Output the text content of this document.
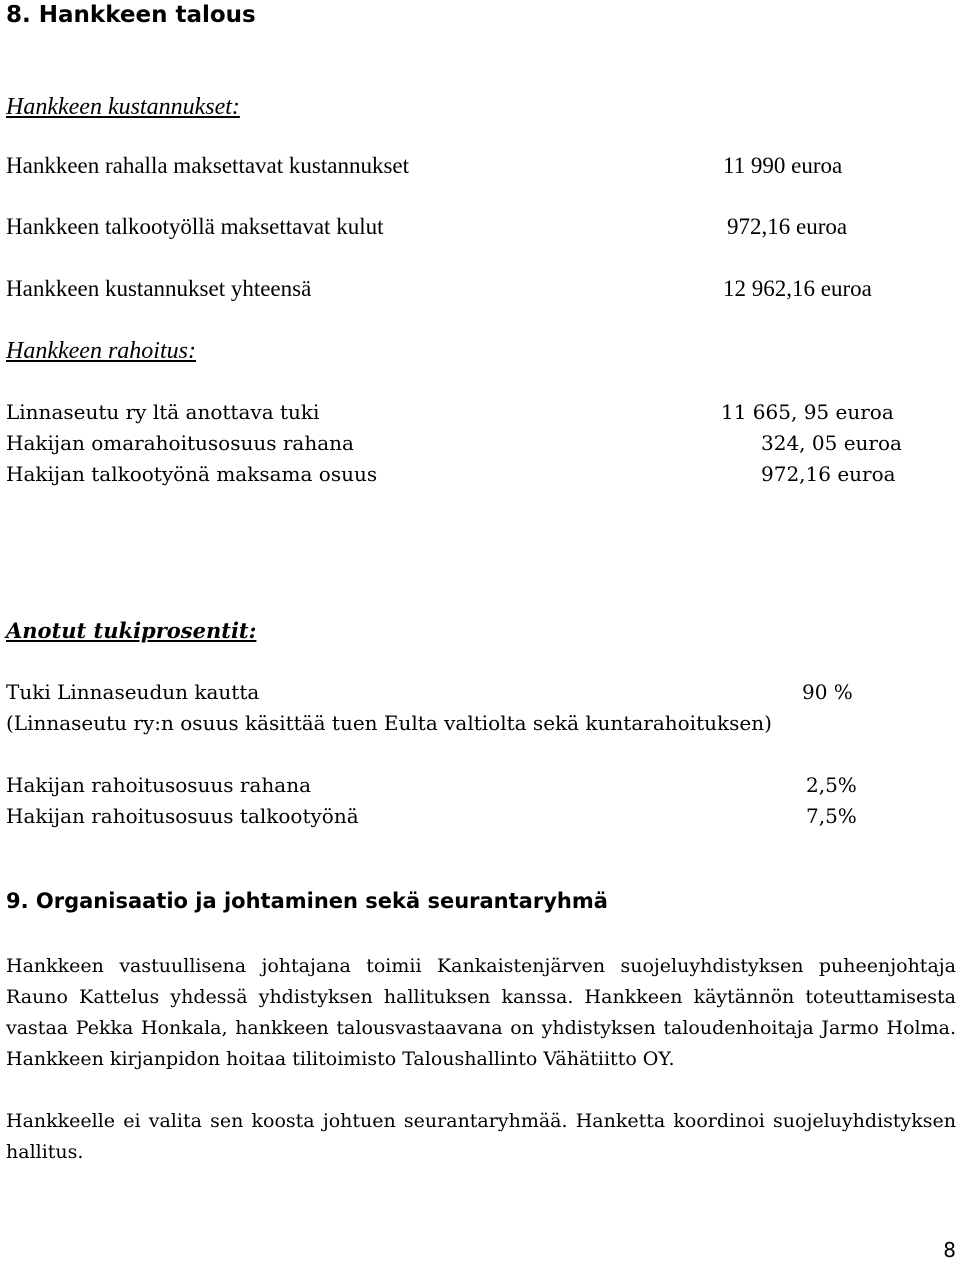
8. Hankkeen talous
Hankkeen kustannukset:
Hankkeen rahalla maksettavat kustannukset	11 990 euroa
Hankkeen talkootyöllä maksettavat kulut	972,16 euroa
Hankkeen kustannukset yhteensä	12 962,16 euroa
Hankkeen rahoitus:
Linnaseutu ry ltä anottava tuki	11 665, 95 euroa
Hakijan omarahoitusosuus rahana	324, 05 euroa
Hakijan talkootyönä maksama osuus	972,16 euroa
Anotut tukiprosentit:
Tuki Linnaseudun kautta	90 %
(Linnaseutu ry:n osuus käsittää tuen Eulta valtiolta sekä kuntarahoituksen)
Hakijan rahoitusosuus rahana	2,5%
Hakijan rahoitusosuus talkootyönä	7,5%
9. Organisaatio ja johtaminen sekä seurantaryhmä
Hankkeen vastuullisena johtajana toimii Kankaistenjärven suojeluyhdistyksen puheenjohtaja Rauno Kattelus yhdessä yhdistyksen hallituksen kanssa. Hankkeen käytännön toteuttamisesta vastaa Pekka Honkala, hankkeen talousvastaavana on yhdistyksen taloudenhoitaja Jarmo Holma. Hankkeen kirjanpidon hoitaa tilitoimisto Taloushallinto Vähätiitto OY.
Hankkeelle ei valita sen koosta johtuen seurantaryhmää. Hanketta koordinoi suojeluyhdistyksen hallitus.
8
